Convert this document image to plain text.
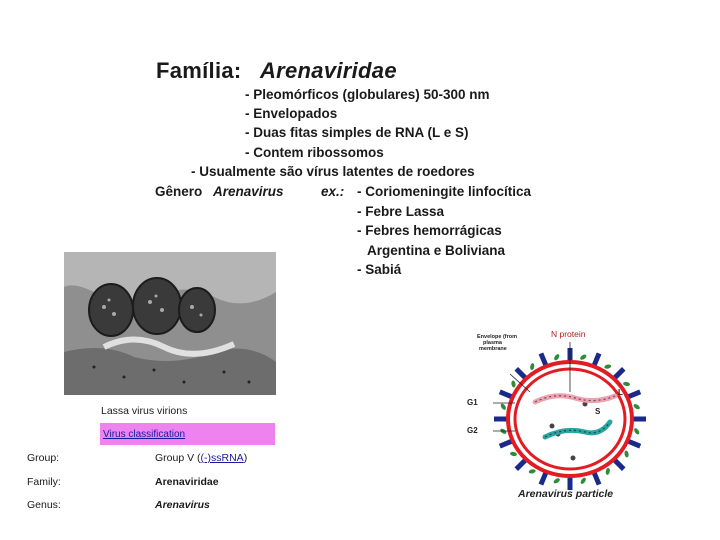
Família: Arenaviridae
- Pleomórficos (globulares) 50-300 nm
- Envelopados
- Duas fitas simples de RNA (L e S)
- Contem ribossomos
- Usualmente são vírus latentes de roedores
Gênero Arenavirus	ex.: - Coriomeningite linfocítica
- Febre Lassa
- Febres hemorrágicas
Argentina e Boliviana
- Sabiá
Lassa virus virions
Virus classification
Group:	Group V ((-)ssRNA)
Family:	Arenaviridae
Genus:	Arenavirus
Envelope (from
plasma
membrane
N protein
L
S
G1
G2
Arenavirus particle
